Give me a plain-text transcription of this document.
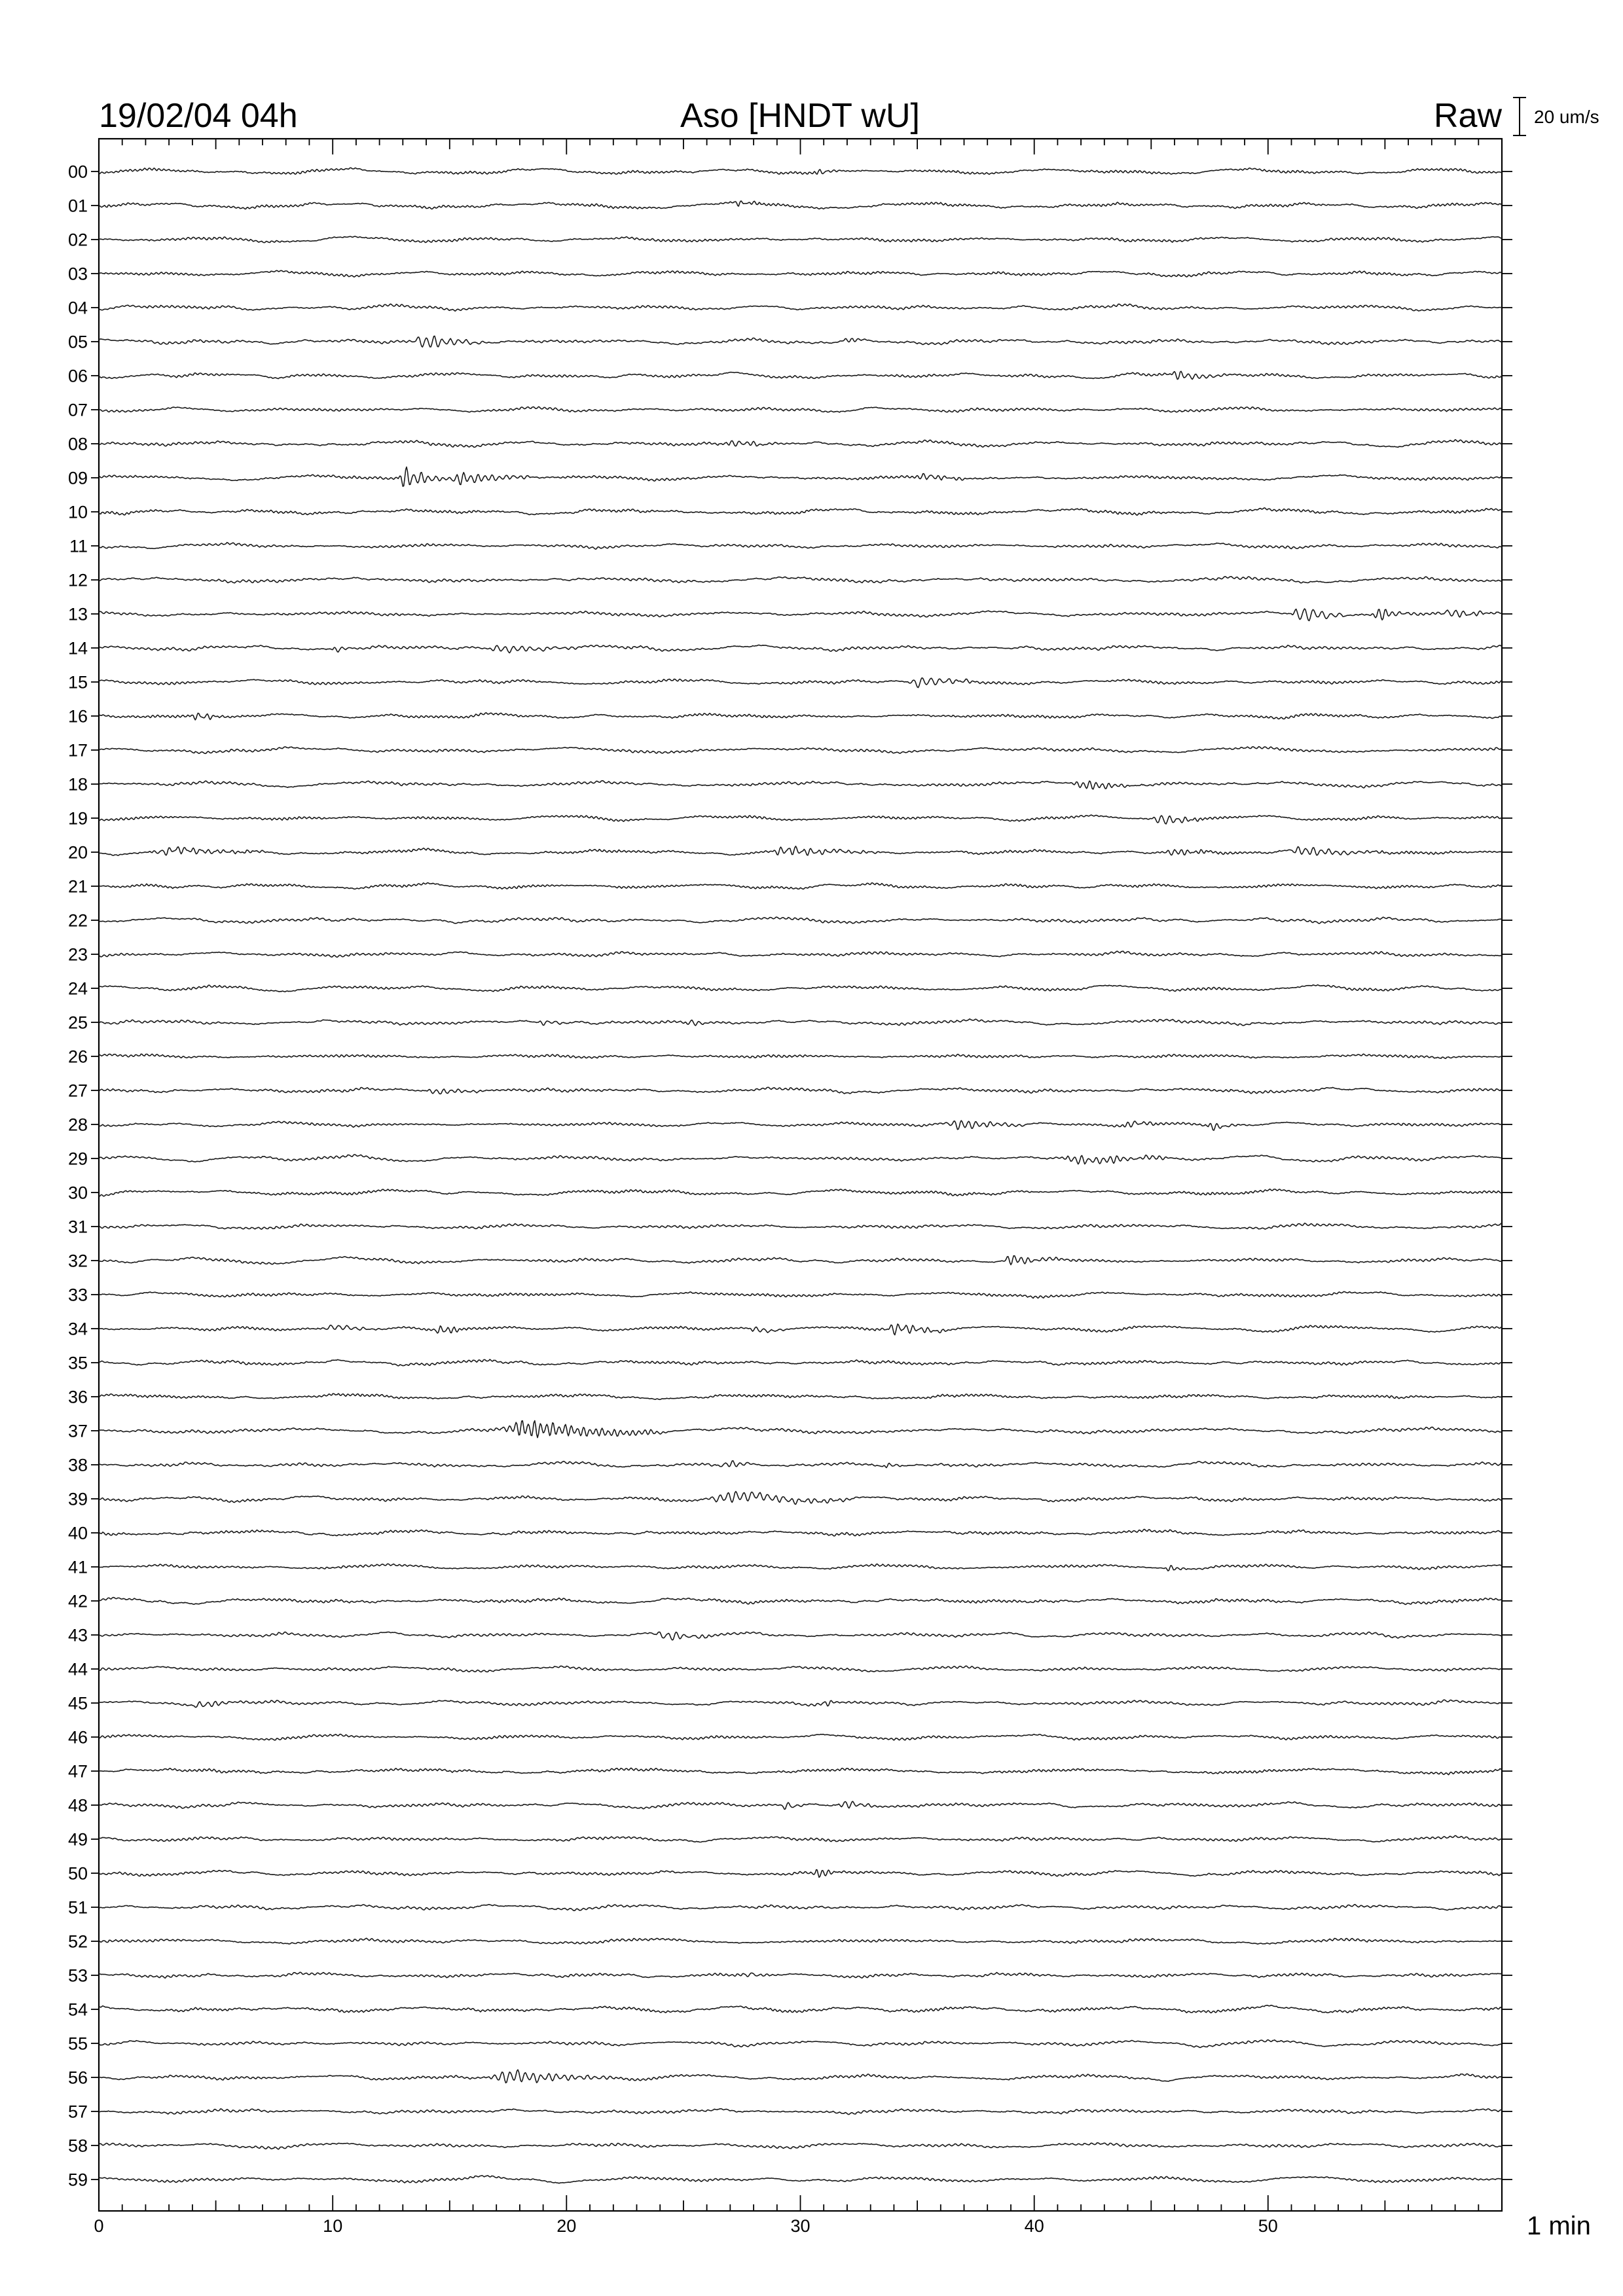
19/02/04 04h	Aso [HNDT wU]	Raw 20 um/s
1 min
0	10	20	30	40	50
00
01
02
03
04
05
06
07
08
09
10
11
12
13
14
15
16
17
18
19
20
21
22
23
24
25
26
27
28
29
30
31
32
33
34
35
36
37
38
39
40
41
42
43
44
45
46
47
48
49
50
51
52
53
54
55
56
57
58
59
